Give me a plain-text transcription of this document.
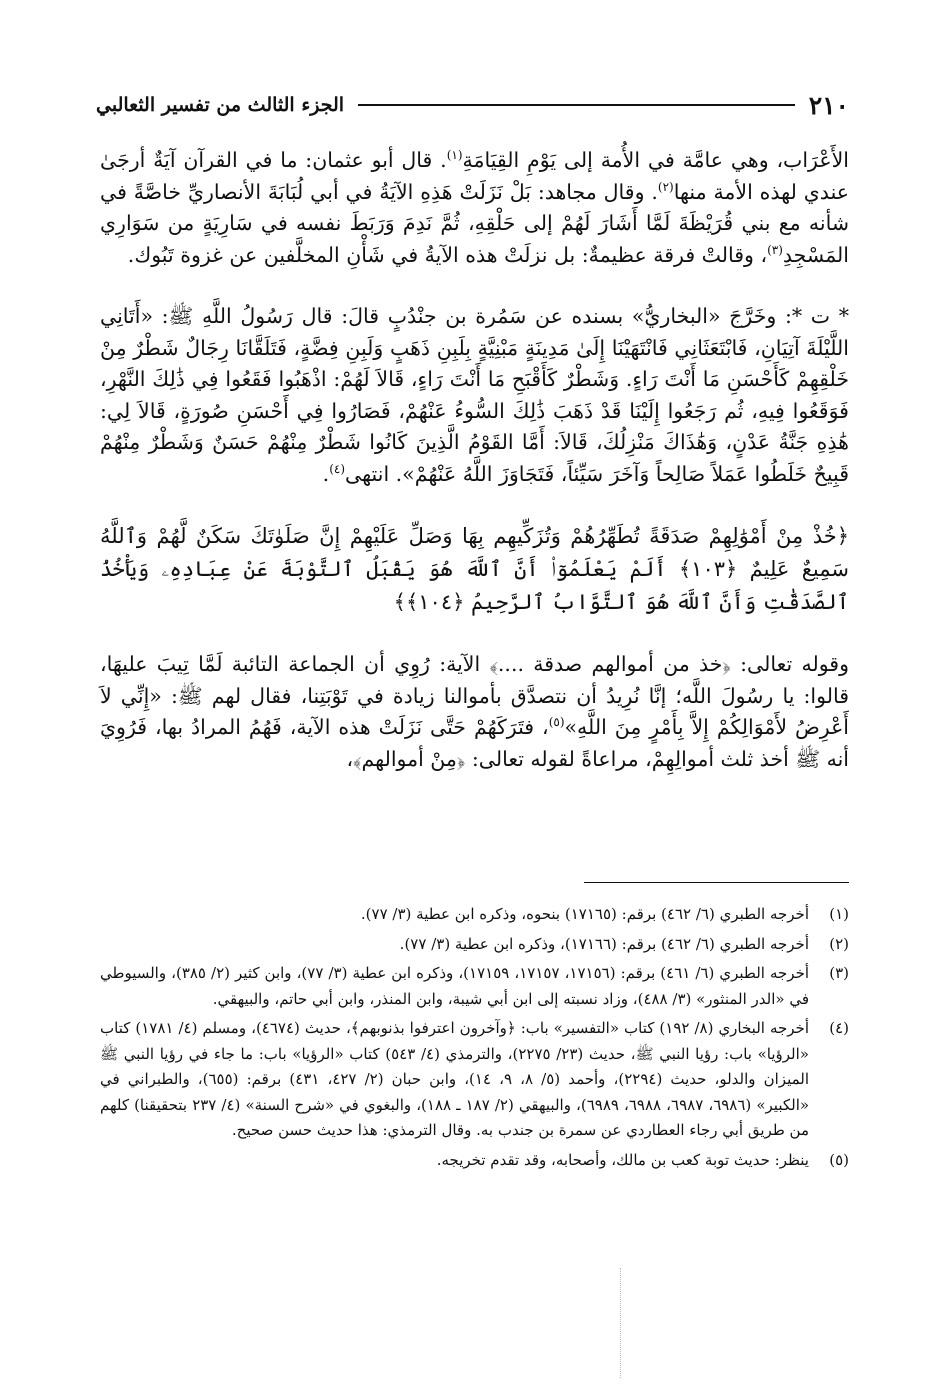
٢١٠
الجزء الثالث من تفسير الثعالبي

الأَعْرَاب، وهي عامَّة في الأُمة إلى يَوْمِ القِيَامَةِ$^{(١)}$. قال أبو عثمان: ما في القرآن آيَةٌ أرجَىٰ عندي لهذه الأمة منها$^{(٢)}$. وقال مجاهد: بَلْ نَزَلَتْ هَذِهِ الآيَةُ في أبي لُبَابَةَ الأنصاريِّ خاصَّةً في شأنه مع بني قُرَيْظَةَ لَمَّا أَشَارَ لَهُمْ إلى حَلْقِهِ، ثُمَّ نَدِمَ وَرَبَطَ نفسه في سَارِيَةٍ من سَوَارِي المَسْجِدِ$^{(٣)}$، وقالتْ فرقة عظيمةٌ: بل نزلَتْ هذه الآيةُ في شَأْنِ المخلَّفين عن غزوة تَبُوك.

* ت *: وخَرَّجَ «البخاريُّ» بسنده عن سَمُرة بن جنْدُبٍ قالَ: قال رَسُولُ اللَّهِ ﷺ: «أَتَانِي اللَّيْلَةَ آتِيَانِ، فَابْتَعَثَانِي فَانْتَهَيْنَا إِلَىٰ مَدِينَةٍ مَبْنِيَّةٍ بِلَبِنِ ذَهَبٍ وَلَبِنِ فِضَّةٍ، فَتَلَقَّانَا رِجَالٌ شَطْرٌ مِنْ خَلْقِهِمْ كَأَحْسَنِ مَا أَنْتَ رَاءٍ. وَشَطْرٌ كَأَقْبَحِ مَا أَنْتَ رَاءٍ، قَالاَ لَهُمْ: اذْهَبُوا فَقَعُوا فِي ذَٰلِكَ النَّهْرِ، فَوَقَعُوا فِيهِ، ثُم رَجَعُوا إِلَيْنَا قَدْ ذَهَبَ ذَٰلِكَ السُّوءُ عَنْهُمْ، فَصَارُوا فِي أَحْسَنِ صُورَةٍ، قَالاَ لِي: هَٰذِهِ جَنَّةُ عَدْنٍ، وَهَٰذَاكَ مَنْزِلُكَ، قَالاَ: أَمَّا القَوْمُ الَّذِينَ كَانُوا شَطْرٌ مِنْهُمْ حَسَنٌ وَشَطْرٌ مِنْهُمْ قَبِيحٌ خَلَطُوا عَمَلاً صَالِحاً وَآخَرَ سَيِّئاً، فَتَجَاوَزَ اللَّهُ عَنْهُمْ». انتهى$^{(٤)}$.

﴿خُذْ مِنْ أَمْوَٰلِهِمْ صَدَقَةً تُطَهِّرُهُمْ وَتُزَكِّيهِم بِهَا وَصَلِّ عَلَيْهِمْ إِنَّ صَلَوٰتَكَ سَكَنٌ لَّهُمْ وَٱللَّهُ سَمِيعٌ عَلِيمٌ ﴿١٠٣﴾ أَلَمْ يَعْلَمُوٓا۟ أَنَّ ٱللَّهَ هُوَ يَقْبَلُ ٱلتَّوْبَةَ عَنْ عِبَادِهِۦ وَيَأْخُذُ ٱلصَّدَقَٰتِ وَأَنَّ ٱللَّهَ هُوَ ٱلتَّوَّابُ ٱلرَّحِيمُ ﴿١٠٤﴾﴾

وقوله تعالى: ﴿خذ من أموالهم صدقة ....﴾ الآية: رُوِي أن الجماعة التائبة لَمَّا تِيبَ عليهَا، قالوا: يا رسُولَ اللَّه؛ إنَّا نُرِيدُ أن نتصدَّق بأموالنا زيادة في تَوْبَتِنا، فقال لهم ﷺ: «إِنِّي لاَ أَعْرِضُ لأَمْوَالِكُمْ إِلاَّ بِأَمْرٍ مِنَ اللَّهِ»$^{(٥)}$، فتَرَكَهُمْ حَتَّى نَزَلَتْ هذه الآية، فَهُمُ المرادُ بها، فَرُوِيَ أنه ﷺ أخذ ثلث أموالِهِمْ، مراعاةً لقوله تعالى: ﴿مِنْ أموالهم﴾،

(١)
أخرجه الطبري (٦/ ٤٦٢) برقم: (١٧١٦٥) بنحوه، وذكره ابن عطية (٣/ ٧٧).
(٢)
أخرجه الطبري (٦/ ٤٦٢) برقم: (١٧١٦٦)، وذكره ابن عطية (٣/ ٧٧).
(٣)
أخرجه الطبري (٦/ ٤٦١) برقم: (١٧١٥٦، ١٧١٥٧، ١٧١٥٩)، وذكره ابن عطية (٣/ ٧٧)، وابن كثير (٢/ ٣٨٥)، والسيوطي في «الدر المنثور» (٣/ ٤٨٨)، وزاد نسبته إلى ابن أبي شيبة، وابن المنذر، وابن أبي حاتم، والبيهقي.
(٤)
أخرجه البخاري (٨/ ١٩٢) كتاب «التفسير» باب: ﴿وآخرون اعترفوا بذنوبهم﴾، حديث (٤٦٧٤)، ومسلم (٤/ ١٧٨١) كتاب «الرؤيا» باب: رؤيا النبي ﷺ، حديث (٢٣/ ٢٢٧٥)، والترمذي (٤/ ٥٤٣) كتاب «الرؤيا» باب: ما جاء في رؤيا النبي ﷺ الميزان والدلو، حديث (٢٢٩٤)، وأحمد (٥/ ٨، ٩، ١٤)، وابن حبان (٢/ ٤٢٧، ٤٣١) برقم: (٦٥٥)، والطبراني في «الكبير» (٦٩٨٦، ٦٩٨٧، ٦٩٨٨، ٦٩٨٩)، والبيهقي (٢/ ١٨٧ ـ ١٨٨)، والبغوي في «شرح السنة» (٤/ ٢٣٧ بتحقيقنا) كلهم من طريق أبي رجاء العطاردي عن سمرة بن جندب به. وقال الترمذي: هذا حديث حسن صحيح.
(٥)
ينظر: حديث توبة كعب بن مالك، وأصحابه، وقد تقدم تخريجه.
